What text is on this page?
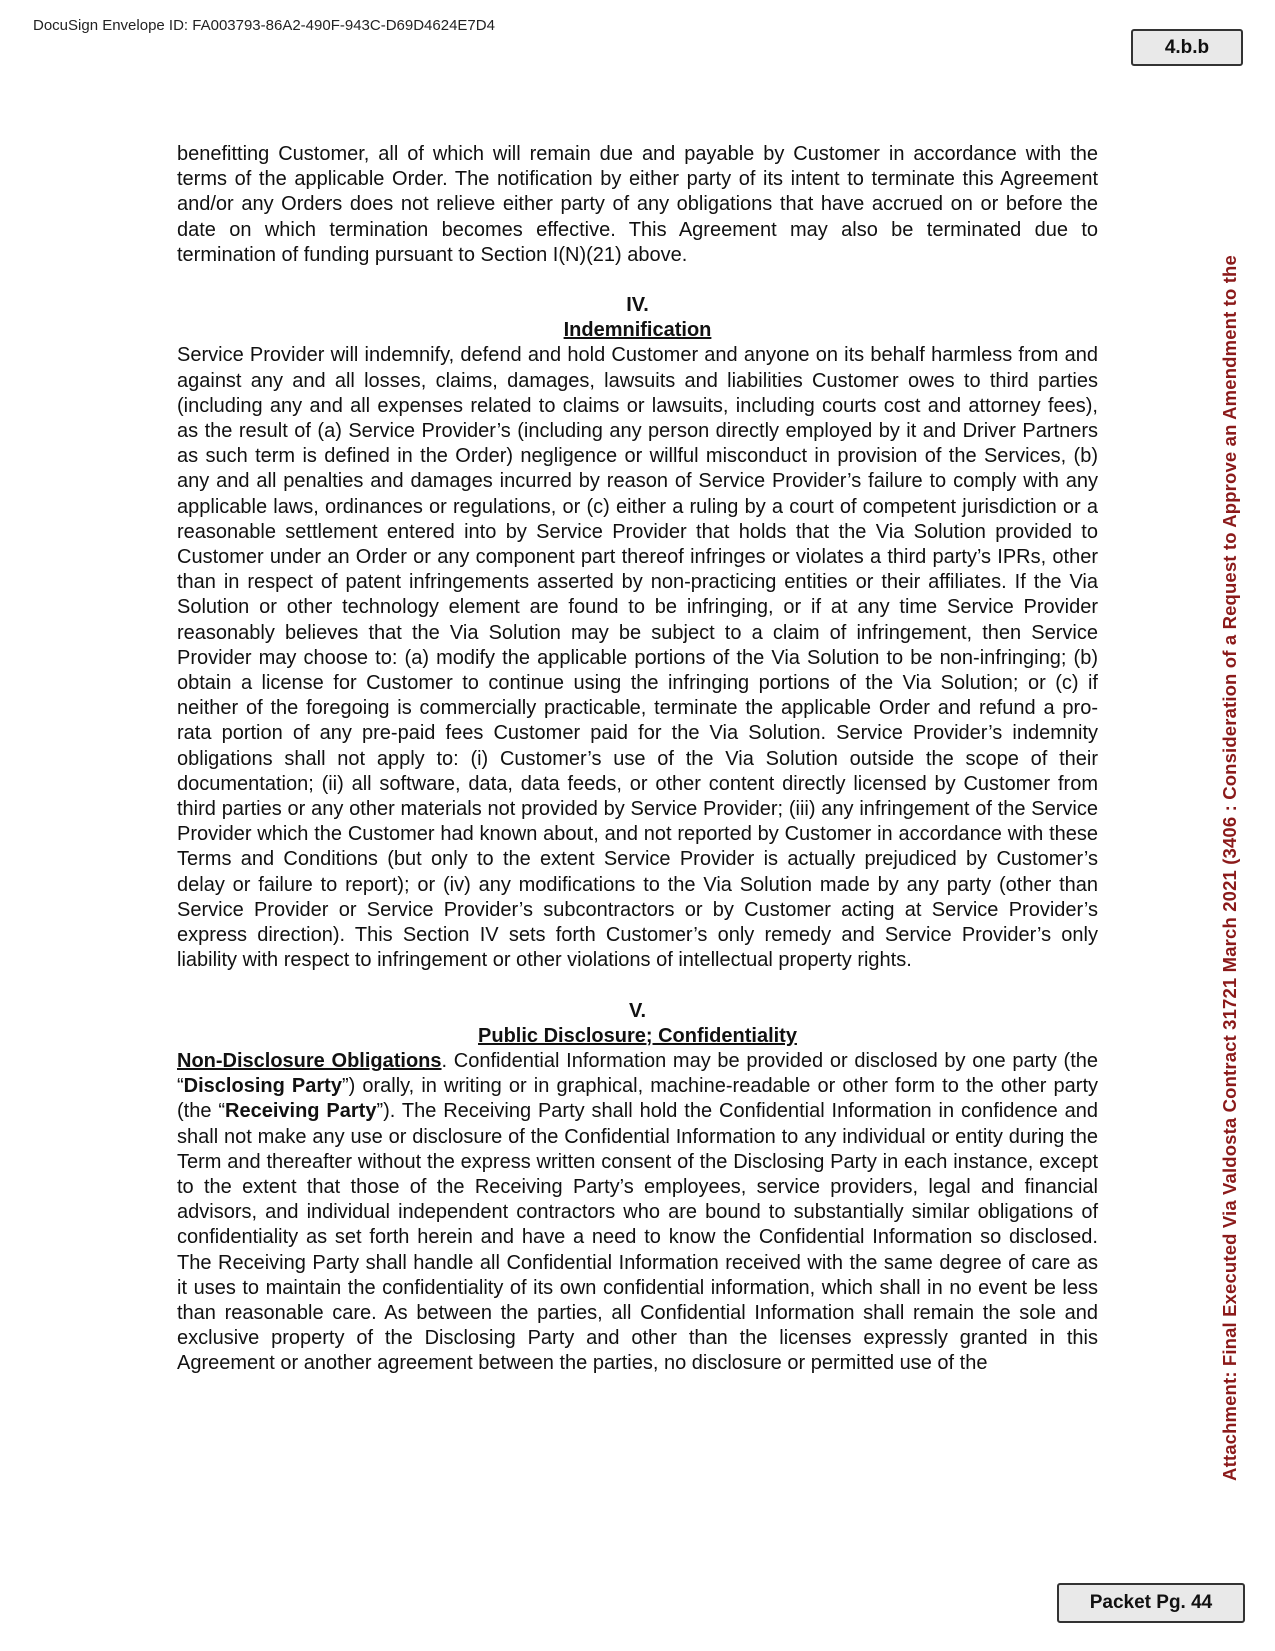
DocuSign Envelope ID: FA003793-86A2-490F-943C-D69D4624E7D4
4.b.b
Attachment: Final Executed Via Valdosta Contract 31721 March 2021 (3406 : Consideration of a Request to Approve an Amendment to the

benefitting Customer, all of which will remain due and payable by Customer in accordance with the terms of the applicable Order. The notification by either party of its intent to terminate this Agreement and/or any Orders does not relieve either party of any obligations that have accrued on or before the date on which termination becomes effective. This Agreement may also be terminated due to termination of funding pursuant to Section I(N)(21) above.

IV.
Indemnification

Service Provider will indemnify, defend and hold Customer and anyone on its behalf harmless from and against any and all losses, claims, damages, lawsuits and liabilities Customer owes to third parties (including any and all expenses related to claims or lawsuits, including courts cost and attorney fees), as the result of (a) Service Provider’s (including any person directly employed by it and Driver Partners as such term is defined in the Order) negligence or willful misconduct in provision of the Services, (b) any and all penalties and damages incurred by reason of Service Provider’s failure to comply with any applicable laws, ordinances or regulations, or (c) either a ruling by a court of competent jurisdiction or a reasonable settlement entered into by Service Provider that holds that the Via Solution provided to Customer under an Order or any component part thereof infringes or violates a third party’s IPRs, other than in respect of patent infringements asserted by non-practicing entities or their affiliates. If the Via Solution or other technology element are found to be infringing, or if at any time Service Provider reasonably believes that the Via Solution may be subject to a claim of infringement, then Service Provider may choose to: (a) modify the applicable portions of the Via Solution to be non-infringing; (b) obtain a license for Customer to continue using the infringing portions of the Via Solution; or (c) if neither of the foregoing is commercially practicable, terminate the applicable Order and refund a pro-rata portion of any pre-paid fees Customer paid for the Via Solution. Service Provider’s indemnity obligations shall not apply to: (i) Customer’s use of the Via Solution outside the scope of their documentation; (ii) all software, data, data feeds, or other content directly licensed by Customer from third parties or any other materials not provided by Service Provider; (iii) any infringement of the Service Provider which the Customer had known about, and not reported by Customer in accordance with these Terms and Conditions (but only to the extent Service Provider is actually prejudiced by Customer’s delay or failure to report); or (iv) any modifications to the Via Solution made by any party (other than Service Provider or Service Provider’s subcontractors or by Customer acting at Service Provider’s express direction). This Section IV sets forth Customer’s only remedy and Service Provider’s only liability with respect to infringement or other violations of intellectual property rights.

V.
Public Disclosure; Confidentiality

Non-Disclosure Obligations. Confidential Information may be provided or disclosed by one party (the “Disclosing Party”) orally, in writing or in graphical, machine-readable or other form to the other party (the “Receiving Party”). The Receiving Party shall hold the Confidential Information in confidence and shall not make any use or disclosure of the Confidential Information to any individual or entity during the Term and thereafter without the express written consent of the Disclosing Party in each instance, except to the extent that those of the Receiving Party’s employees, service providers, legal and financial advisors, and individual independent contractors who are bound to substantially similar obligations of confidentiality as set forth herein and have a need to know the Confidential Information so disclosed. The Receiving Party shall handle all Confidential Information received with the same degree of care as it uses to maintain the confidentiality of its own confidential information, which shall in no event be less than reasonable care. As between the parties, all Confidential Information shall remain the sole and exclusive property of the Disclosing Party and other than the licenses expressly granted in this Agreement or another agreement between the parties, no disclosure or permitted use of the

Packet Pg. 44
